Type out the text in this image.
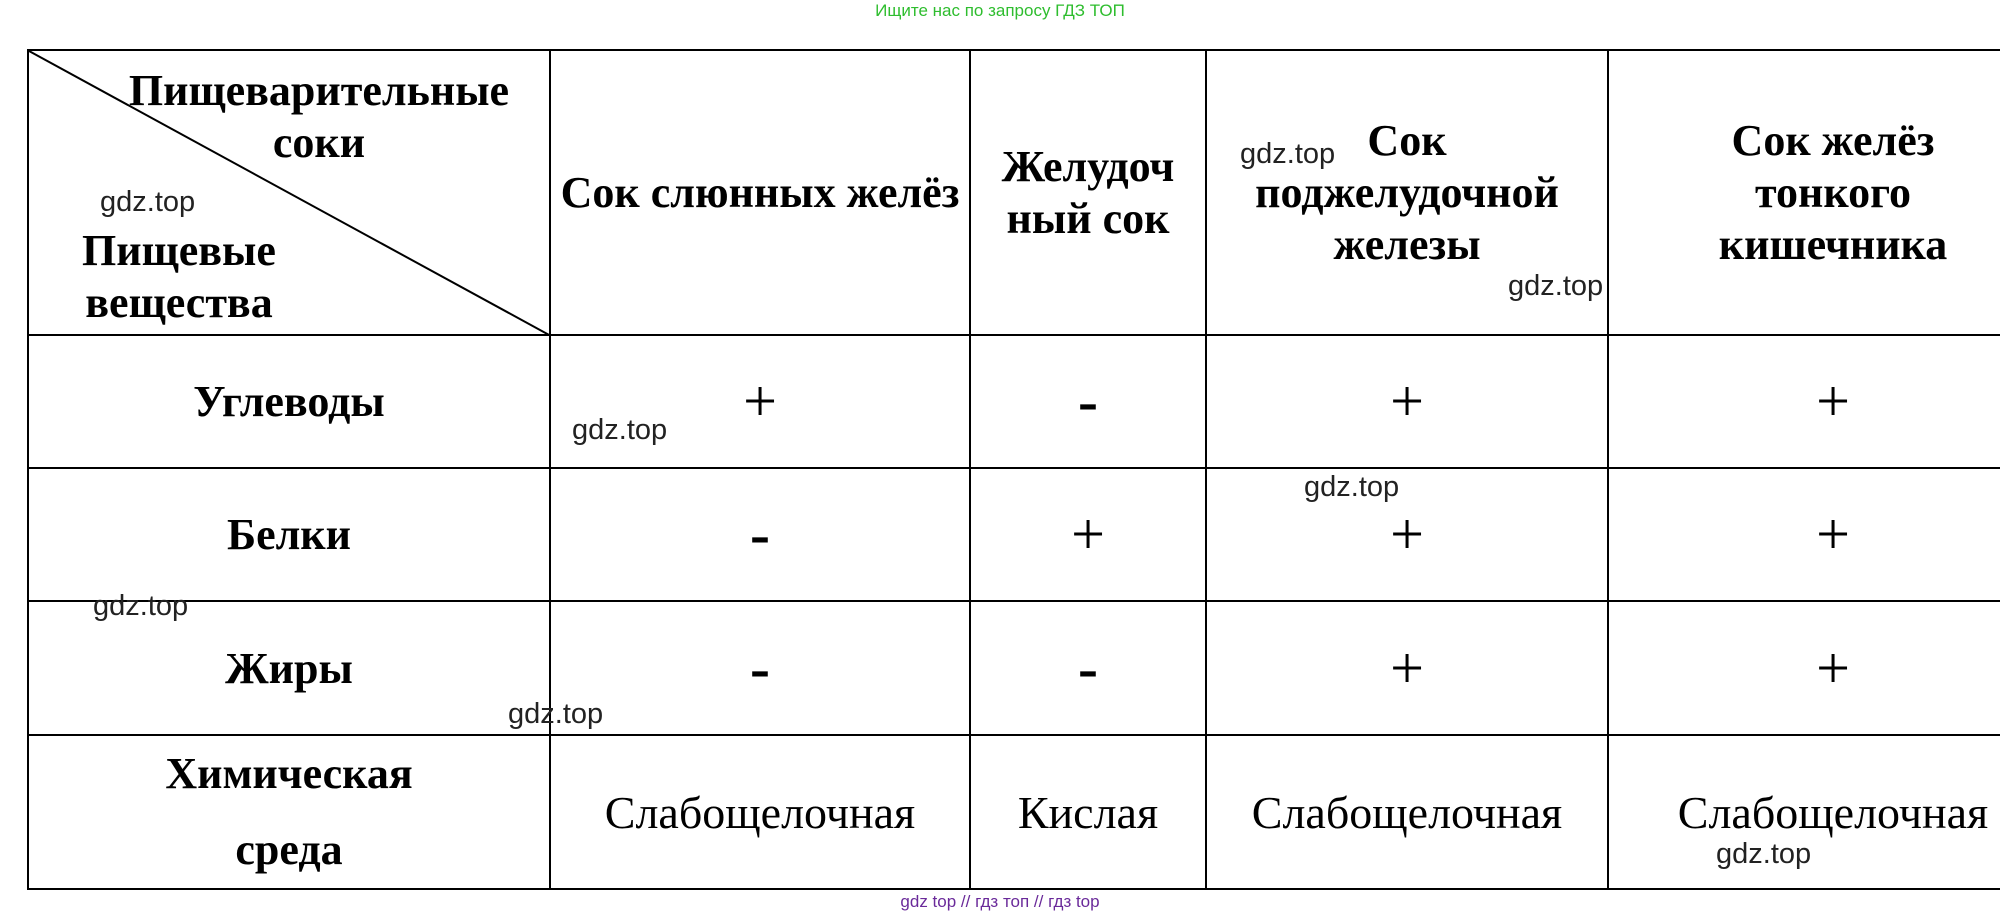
Ищите нас по запросу ГДЗ ТОП
Пищеварительные соки
Пищевые вещества	Сок слюнных желёз	Желудочный сок	Сок поджелудочной железы	Сок желёз тонкого кишечника
Углеводы	+	-	+	+
Белки	-	+	+	+
Жиры	-	-	+	+
Химическая среда	Слабощелочная	Кислая	Слабощелочная	Слабощелочная
gdz.top
gdz.top
gdz.top
gdz.top
gdz.top
gdz.top
gdz.top
gdz.top
gdz top // гдз топ // гдз top
